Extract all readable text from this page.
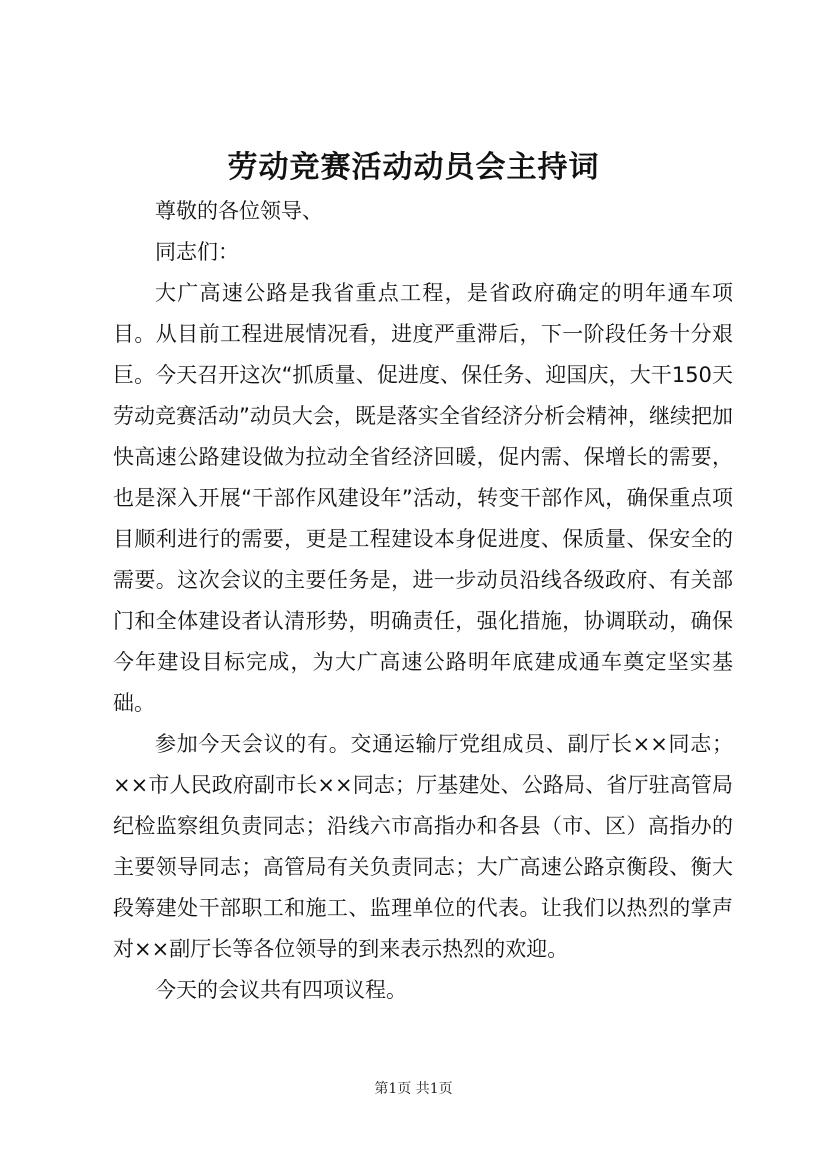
劳动竞赛活动动员会主持词

尊敬的各位领导、

同志们：

大广高速公路是我省重点工程，是省政府确定的明年通车项目。从目前工程进展情况看，进度严重滞后，下一阶段任务十分艰巨。今天召开这次“抓质量、促进度、保任务、迎国庆，大干150天劳动竞赛活动”动员大会，既是落实全省经济分析会精神，继续把加快高速公路建设做为拉动全省经济回暖，促内需、保增长的需要，也是深入开展“干部作风建设年”活动，转变干部作风，确保重点项目顺利进行的需要，更是工程建设本身促进度、保质量、保安全的需要。这次会议的主要任务是，进一步动员沿线各级政府、有关部门和全体建设者认清形势，明确责任，强化措施，协调联动，确保今年建设目标完成，为大广高速公路明年底建成通车奠定坚实基础。

参加今天会议的有。交通运输厅党组成员、副厅长××同志；××市人民政府副市长××同志；厅基建处、公路局、省厅驻高管局纪检监察组负责同志；沿线六市高指办和各县（市、区）高指办的主要领导同志；高管局有关负责同志；大广高速公路京衡段、衡大段筹建处干部职工和施工、监理单位的代表。让我们以热烈的掌声对××副厅长等各位领导的到来表示热烈的欢迎。

今天的会议共有四项议程。

第1页 共1页
